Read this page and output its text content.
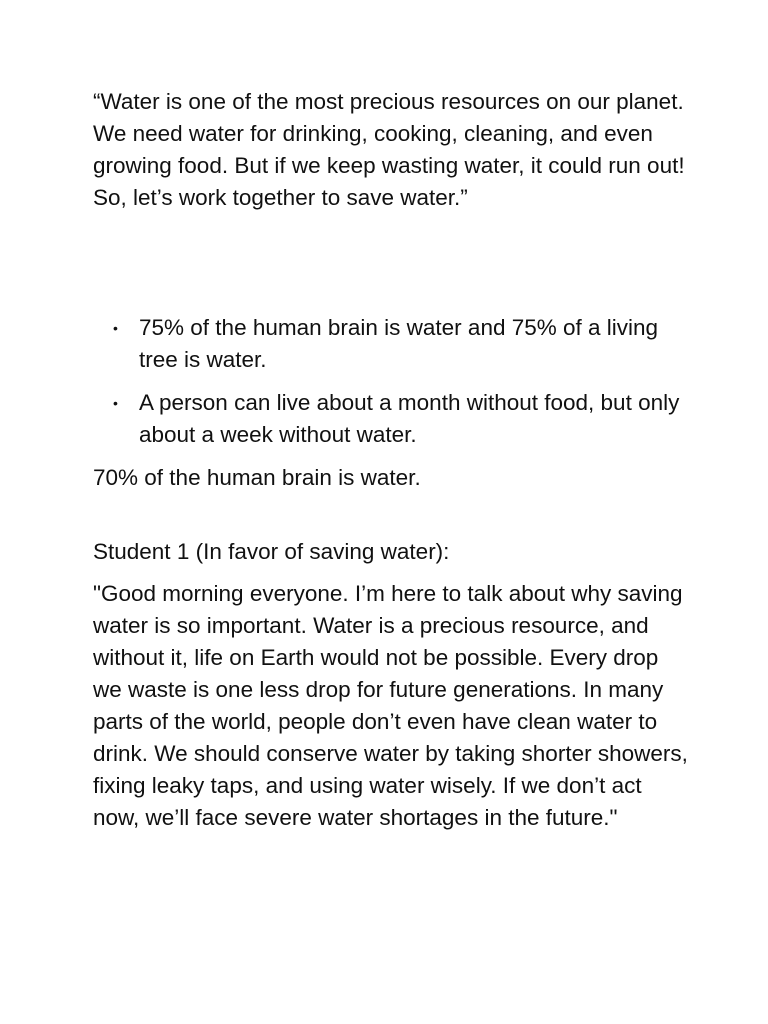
“Water is one of the most precious resources on our planet. We need water for drinking, cooking, cleaning, and even growing food. But if we keep wasting water, it could run out! So, let’s work together to save water.”

• 75% of the human brain is water and 75% of a living tree is water.
• A person can live about a month without food, but only about a week without water.

70% of the human brain is water.

Student 1 (In favor of saving water):

"Good morning everyone. I’m here to talk about why saving water is so important. Water is a precious resource, and without it, life on Earth would not be possible. Every drop we waste is one less drop for future generations. In many parts of the world, people don’t even have clean water to drink. We should conserve water by taking shorter showers, fixing leaky taps, and using water wisely. If we don’t act now, we’ll face severe water shortages in the future."
